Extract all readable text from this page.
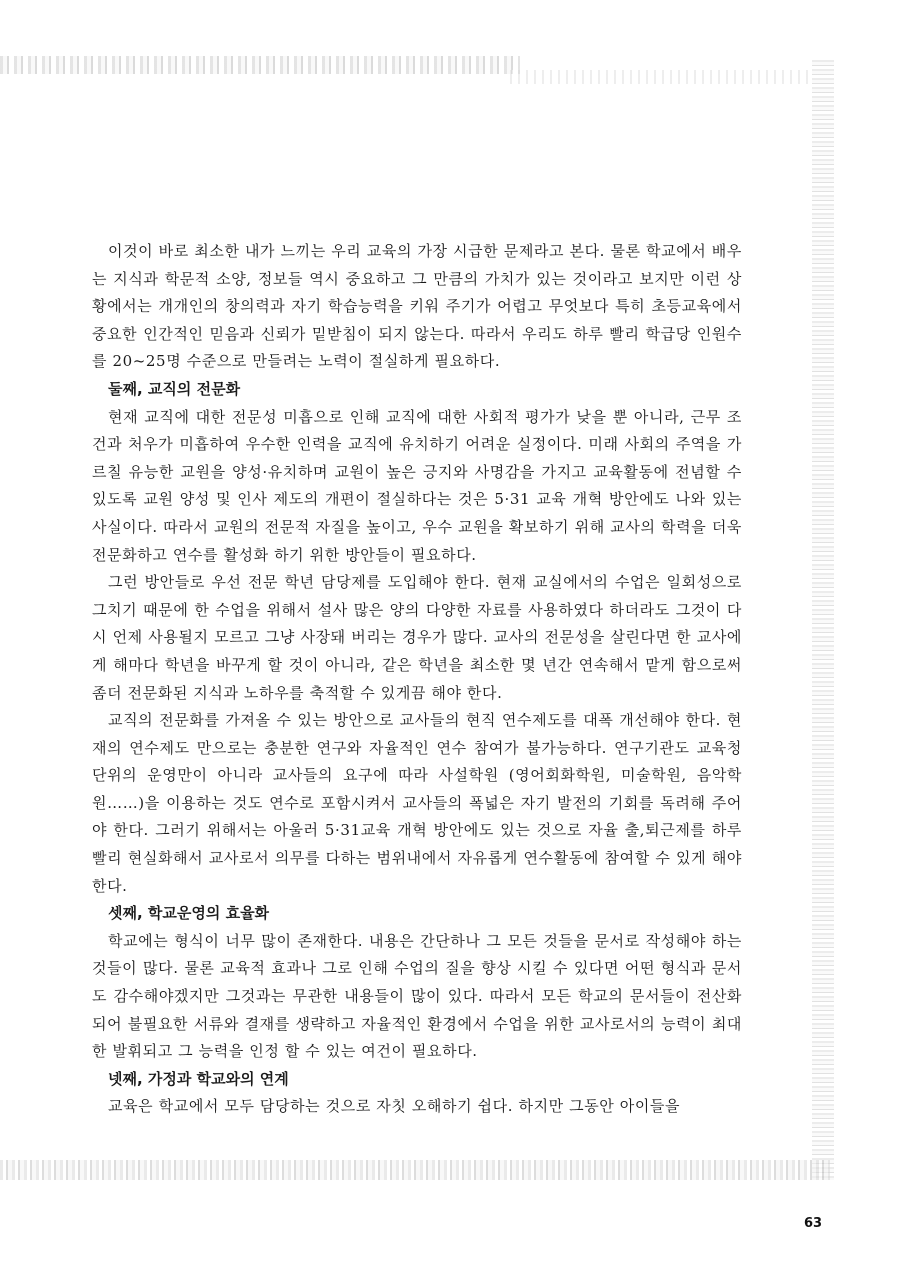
이것이 바로 최소한 내가 느끼는 우리 교육의 가장 시급한 문제라고 본다. 물론 학교에서 배우는 지식과 학문적 소양, 정보들 역시 중요하고 그 만큼의 가치가 있는 것이라고 보지만 이런 상황에서는 개개인의 창의력과 자기 학습능력을 키워 주기가 어렵고 무엇보다 특히 초등교육에서 중요한 인간적인 믿음과 신뢰가 밑받침이 되지 않는다. 따라서 우리도 하루 빨리 학급당 인원수를 20~25명 수준으로 만들려는 노력이 절실하게 필요하다.

둘째, 교직의 전문화

현재 교직에 대한 전문성 미흡으로 인해 교직에 대한 사회적 평가가 낮을 뿐 아니라, 근무 조건과 처우가 미흡하여 우수한 인력을 교직에 유치하기 어려운 실정이다. 미래 사회의 주역을 가르칠 유능한 교원을 양성·유치하며 교원이 높은 긍지와 사명감을 가지고 교육활동에 전념할 수 있도록 교원 양성 및 인사 제도의 개편이 절실하다는 것은 5·31 교육 개혁 방안에도 나와 있는 사실이다. 따라서 교원의 전문적 자질을 높이고, 우수 교원을 확보하기 위해 교사의 학력을 더욱 전문화하고 연수를 활성화 하기 위한 방안들이 필요하다.

그런 방안들로 우선 전문 학년 담당제를 도입해야 한다. 현재 교실에서의 수업은 일회성으로 그치기 때문에 한 수업을 위해서 설사 많은 양의 다양한 자료를 사용하였다 하더라도 그것이 다시 언제 사용될지 모르고 그냥 사장돼 버리는 경우가 많다. 교사의 전문성을 살린다면 한 교사에게 해마다 학년을 바꾸게 할 것이 아니라, 같은 학년을 최소한 몇 년간 연속해서 맡게 함으로써 좀더 전문화된 지식과 노하우를 축적할 수 있게끔 해야 한다.

교직의 전문화를 가져올 수 있는 방안으로 교사들의 현직 연수제도를 대폭 개선해야 한다. 현재의 연수제도 만으로는 충분한 연구와 자율적인 연수 참여가 불가능하다. 연구기관도 교육청 단위의 운영만이 아니라 교사들의 요구에 따라 사설학원 (영어회화학원, 미술학원, 음악학원……)을 이용하는 것도 연수로 포함시켜서 교사들의 폭넓은 자기 발전의 기회를 독려해 주어야 한다. 그러기 위해서는 아울러 5·31교육 개혁 방안에도 있는 것으로 자율 출,퇴근제를 하루 빨리 현실화해서 교사로서 의무를 다하는 범위내에서 자유롭게 연수활동에 참여할 수 있게 해야 한다.

셋째, 학교운영의 효율화

학교에는 형식이 너무 많이 존재한다. 내용은 간단하나 그 모든 것들을 문서로 작성해야 하는 것들이 많다. 물론 교육적 효과나 그로 인해 수업의 질을 향상 시킬 수 있다면 어떤 형식과 문서도 감수해야겠지만 그것과는 무관한 내용들이 많이 있다. 따라서 모든 학교의 문서들이 전산화되어 불필요한 서류와 결재를 생략하고 자율적인 환경에서 수업을 위한 교사로서의 능력이 최대한 발휘되고 그 능력을 인정 할 수 있는 여건이 필요하다.

넷째, 가정과 학교와의 연계

교육은 학교에서 모두 담당하는 것으로 자칫 오해하기 쉽다. 하지만 그동안 아이들을

63
